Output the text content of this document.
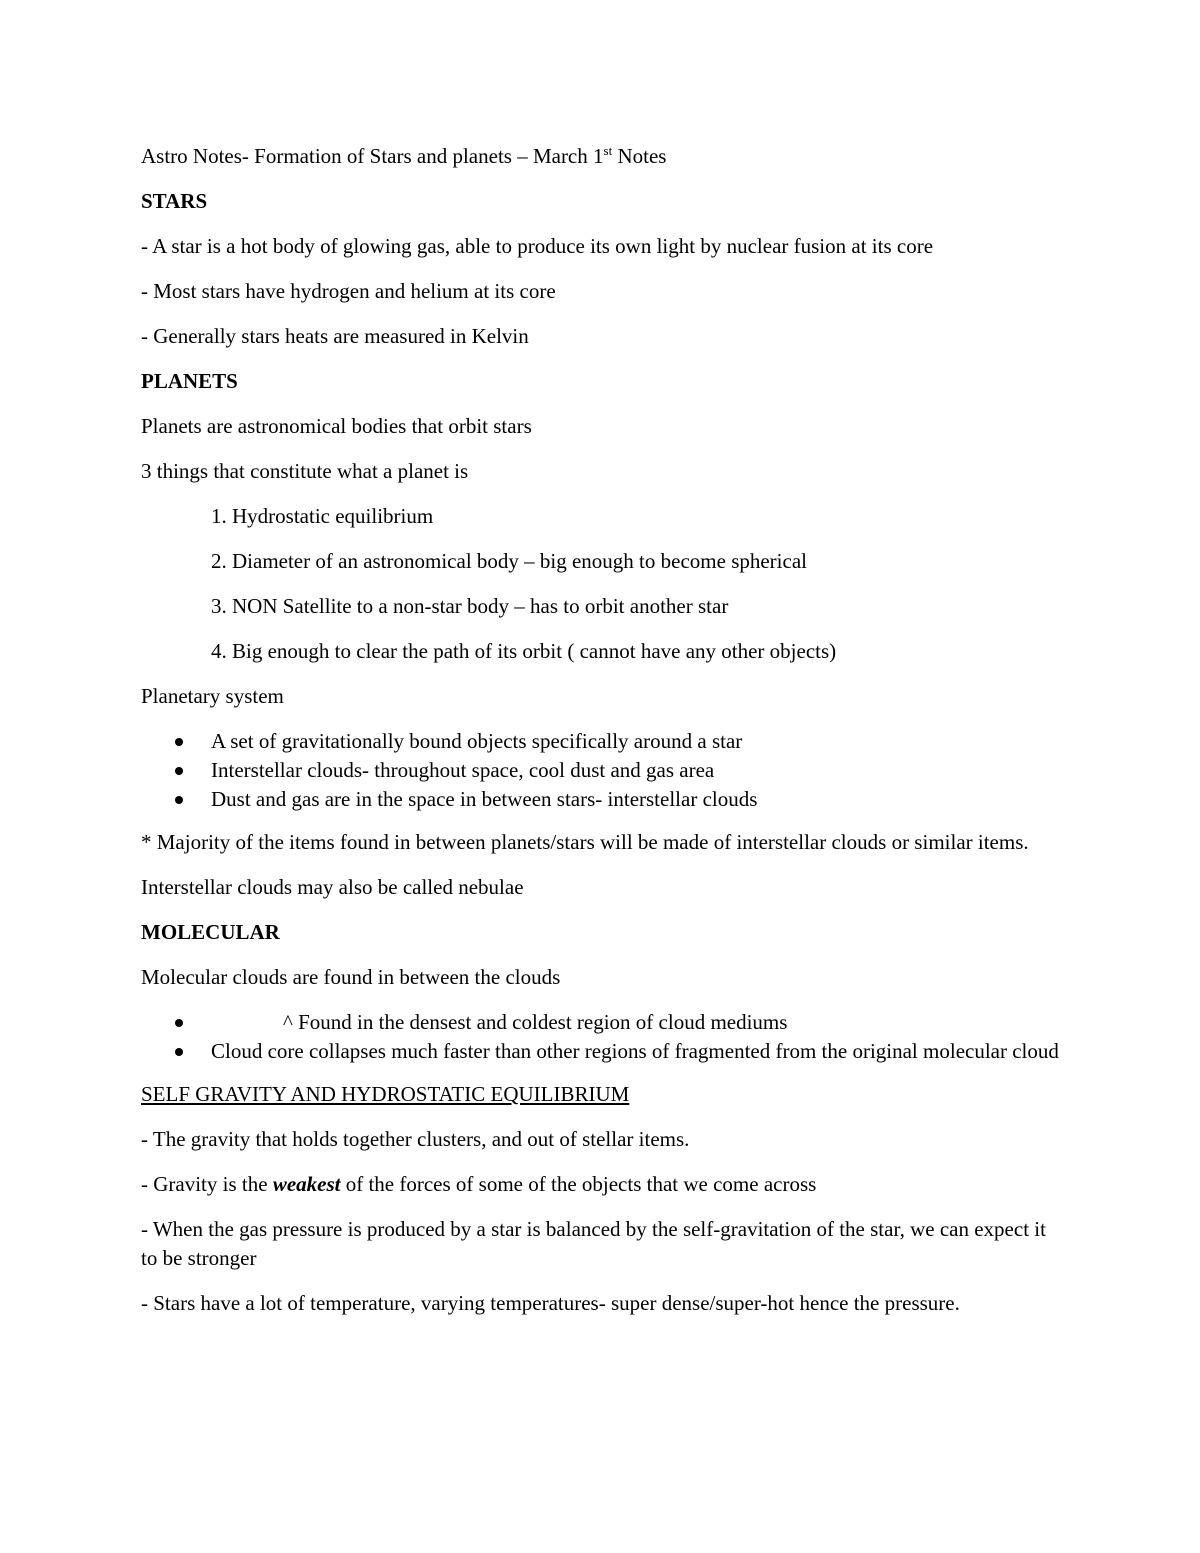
Astro Notes- Formation of Stars and planets – March 1st Notes

STARS

- A star is a hot body of glowing gas, able to produce its own light by nuclear fusion at its core

- Most stars have hydrogen and helium at its core

- Generally stars heats are measured in Kelvin

PLANETS

Planets are astronomical bodies that orbit stars

3 things that constitute what a planet is

1. Hydrostatic equilibrium
2. Diameter of an astronomical body – big enough to become spherical
3. NON Satellite to a non-star body – has to orbit another star
4. Big enough to clear the path of its orbit ( cannot have any other objects)

Planetary system

A set of gravitationally bound objects specifically around a star
Interstellar clouds- throughout space, cool dust and gas area
Dust and gas are in the space in between stars- interstellar clouds

* Majority of the items found in between planets/stars will be made of interstellar clouds or similar items.

Interstellar clouds may also be called nebulae

MOLECULAR

Molecular clouds are found in between the clouds

^ Found in the densest and coldest region of cloud mediums
Cloud core collapses much faster than other regions of fragmented from the original molecular cloud

SELF GRAVITY AND HYDROSTATIC EQUILIBRIUM

- The gravity that holds together clusters, and out of stellar items.

- Gravity is the weakest of the forces of some of the objects that we come across

- When the gas pressure is produced by a star is balanced by the self-gravitation of the star, we can expect it to be stronger

- Stars have a lot of temperature, varying temperatures- super dense/super-hot hence the pressure.
